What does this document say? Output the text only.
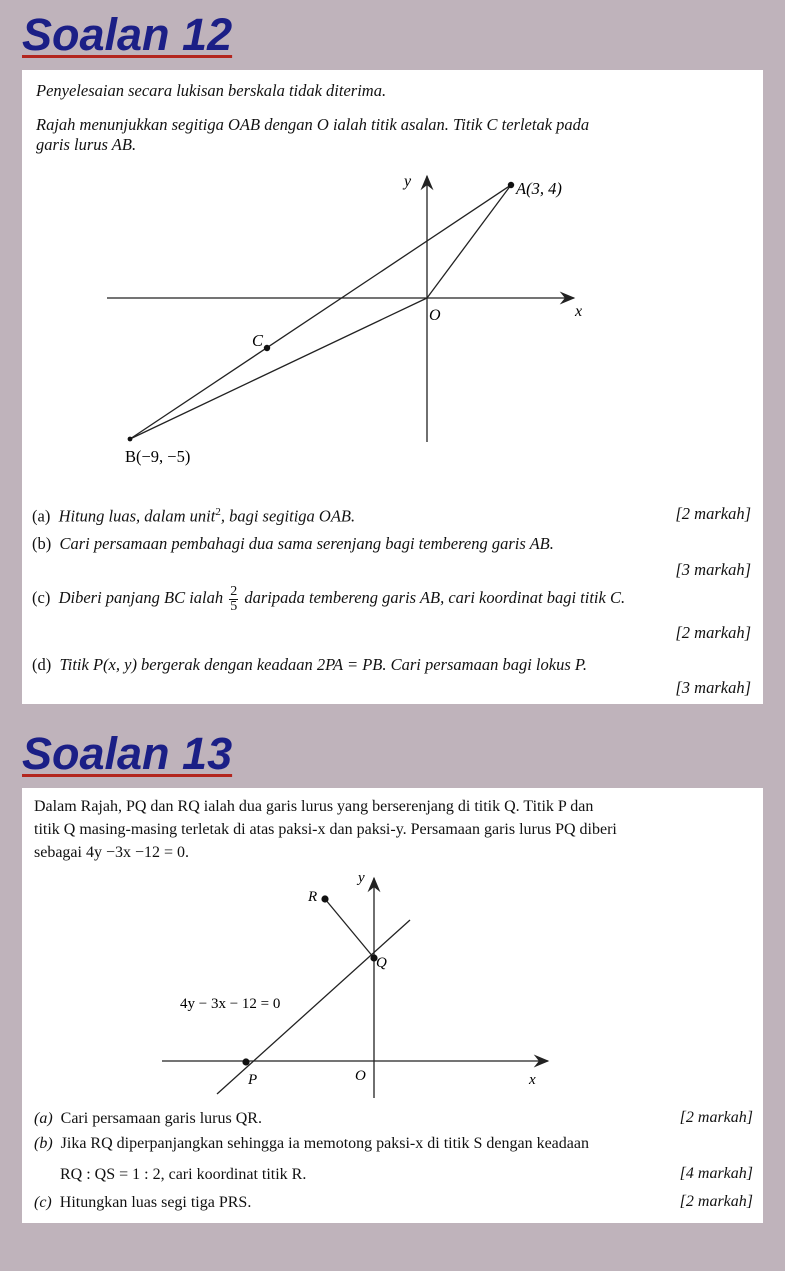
Soalan 12
Penyelesaian secara lukisan berskala tidak diterima.
Rajah menunjukkan segitiga OAB dengan O ialah titik asalan. Titik C terletak pada
garis lurus AB.
y
x
O
A(3, 4)
C
B(−9, −5)
(a) Hitung luas, dalam unit$^2$, bagi segitiga OAB.	[2 markah]
(b) Cari persamaan pembahagi dua sama serenjang bagi tembereng garis AB.
[3 markah]
(c) Diberi panjang BC ialah $\frac{2}{5}$ daripada tembereng garis AB, cari koordinat bagi titik C.
[2 markah]
(d) Titik P(x, y) bergerak dengan keadaan 2PA = PB. Cari persamaan bagi lokus P.
[3 markah]
Soalan 13
Dalam Rajah, PQ dan RQ ialah dua garis lurus yang berserenjang di titik Q. Titik P dan
titik Q masing-masing terletak di atas paksi-x dan paksi-y. Persamaan garis lurus PQ diberi
sebagai 4y −3x −12 = 0.
y
R
Q
4y − 3x − 12 = 0
P	O	x
(a) Cari persamaan garis lurus QR.	[2 markah]
(b) Jika RQ diperpanjangkan sehingga ia memotong paksi-x di titik S dengan keadaan
RQ : QS = 1 : 2, cari koordinat titik R.	[4 markah]
(c) Hitungkan luas segi tiga PRS.	[2 markah]
